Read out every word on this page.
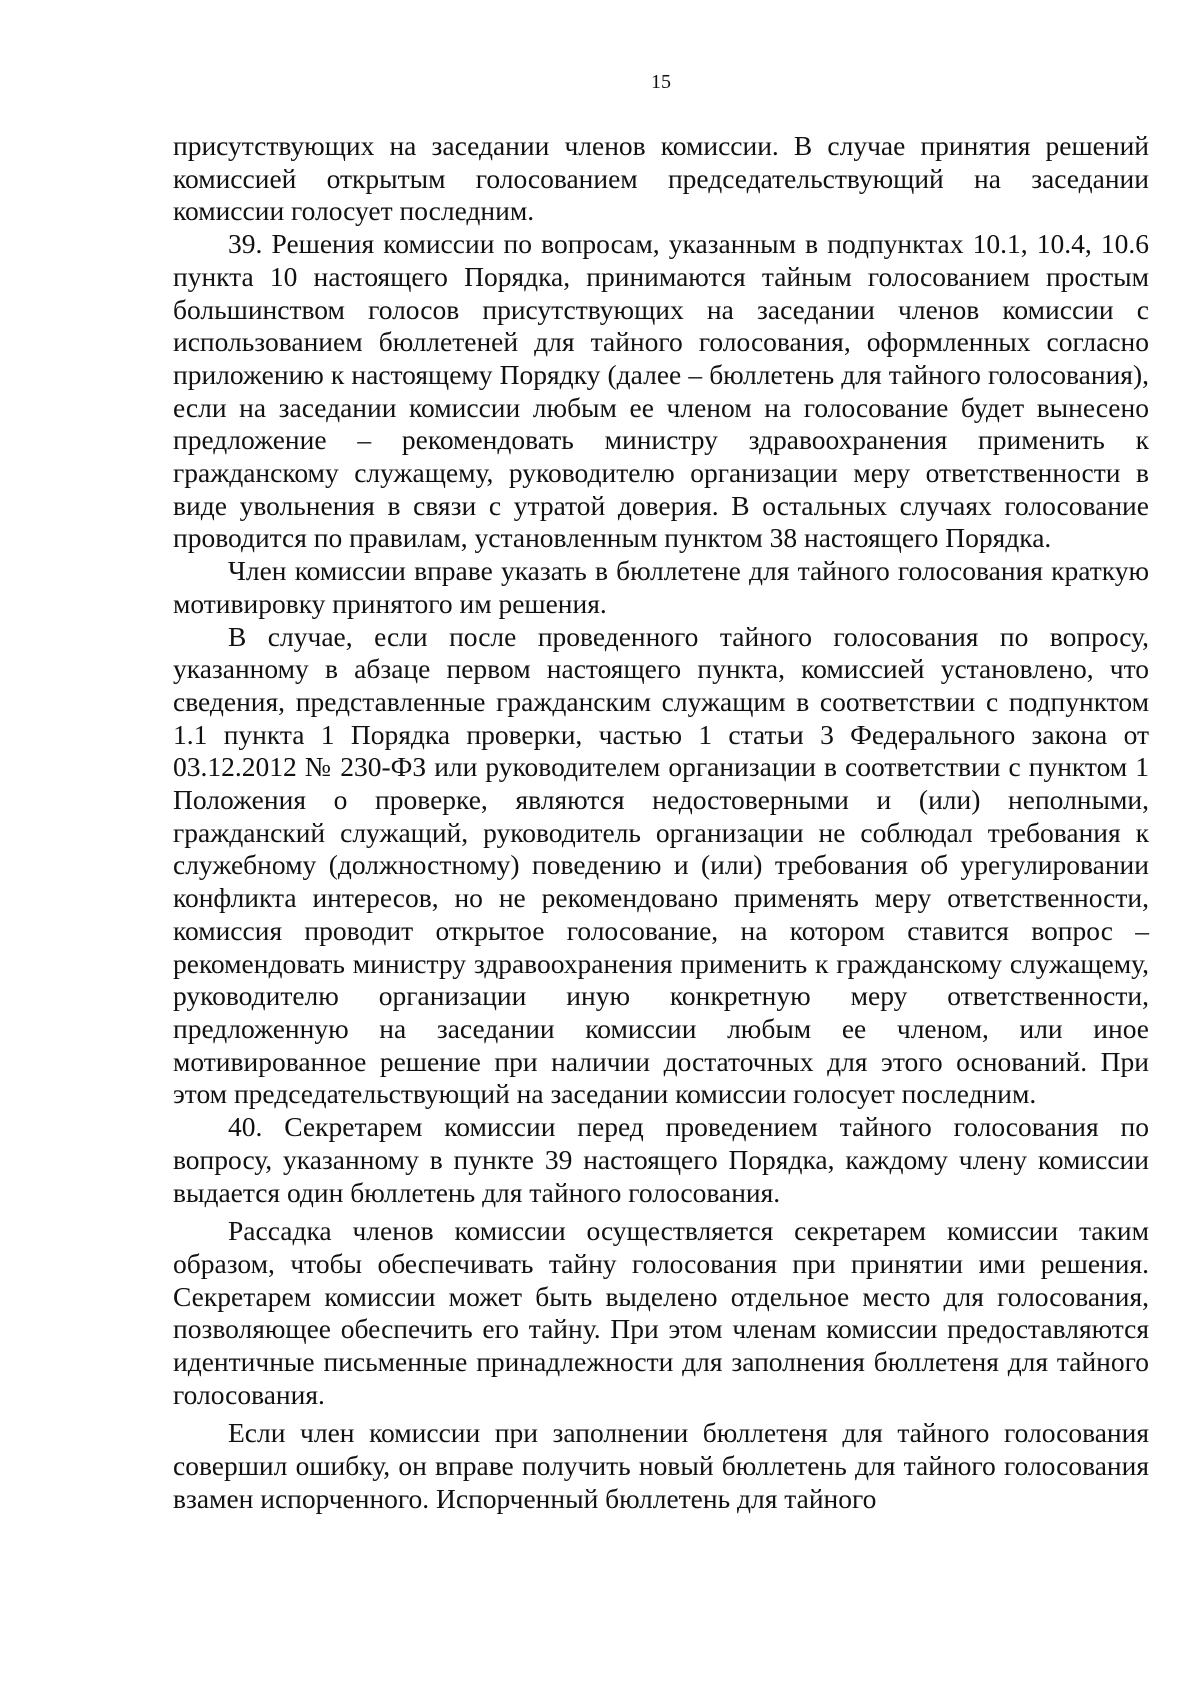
15

присутствующих на заседании членов комиссии. В случае принятия решений комиссией открытым голосованием председательствующий на заседании комиссии голосует последним.

39. Решения комиссии по вопросам, указанным в подпунктах 10.1, 10.4, 10.6 пункта 10 настоящего Порядка, принимаются тайным голосованием простым большинством голосов присутствующих на заседании членов комиссии с использованием бюллетеней для тайного голосования, оформленных согласно приложению к настоящему Порядку (далее – бюллетень для тайного голосования), если на заседании комиссии любым ее членом на голосование будет вынесено предложение – рекомендовать министру здравоохранения применить к гражданскому служащему, руководителю организации меру ответственности в виде увольнения в связи с утратой доверия. В остальных случаях голосование проводится по правилам, установленным пунктом 38 настоящего Порядка.

Член комиссии вправе указать в бюллетене для тайного голосования краткую мотивировку принятого им решения.

В случае, если после проведенного тайного голосования по вопросу, указанному в абзаце первом настоящего пункта, комиссией установлено, что сведения, представленные гражданским служащим в соответствии с подпунктом 1.1 пункта 1 Порядка проверки, частью 1 статьи 3 Федерального закона от 03.12.2012 № 230-ФЗ или руководителем организации в соответствии с пунктом 1 Положения о проверке, являются недостоверными и (или) неполными, гражданский служащий, руководитель организации не соблюдал требования к служебному (должностному) поведению и (или) требования об урегулировании конфликта интересов, но не рекомендовано применять меру ответственности, комиссия проводит открытое голосование, на котором ставится вопрос – рекомендовать министру здравоохранения применить к гражданскому служащему, руководителю организации иную конкретную меру ответственности, предложенную на заседании комиссии любым ее членом, или иное мотивированное решение при наличии достаточных для этого оснований. При этом председательствующий на заседании комиссии голосует последним.

40. Секретарем комиссии перед проведением тайного голосования по вопросу, указанному в пункте 39 настоящего Порядка, каждому члену комиссии выдается один бюллетень для тайного голосования.

Рассадка членов комиссии осуществляется секретарем комиссии таким образом, чтобы обеспечивать тайну голосования при принятии ими решения. Секретарем комиссии может быть выделено отдельное место для голосования, позволяющее обеспечить его тайну. При этом членам комиссии предоставляются идентичные письменные принадлежности для заполнения бюллетеня для тайного голосования.

Если член комиссии при заполнении бюллетеня для тайного голосования совершил ошибку, он вправе получить новый бюллетень для тайного голосования взамен испорченного. Испорченный бюллетень для тайного
